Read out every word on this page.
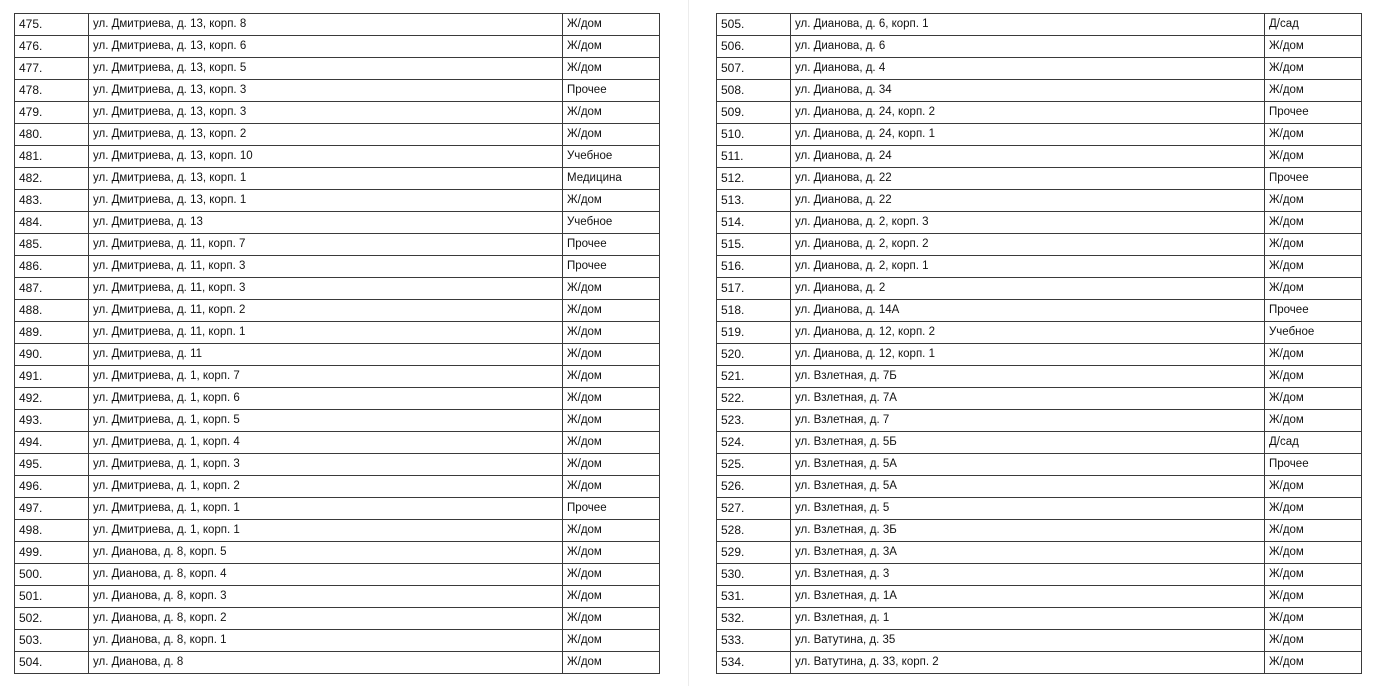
475.	ул. Дмитриева, д. 13, корп. 8	Ж/дом
476.	ул. Дмитриева, д. 13, корп. 6	Ж/дом
477.	ул. Дмитриева, д. 13, корп. 5	Ж/дом
478.	ул. Дмитриева, д. 13, корп. 3	Прочее
479.	ул. Дмитриева, д. 13, корп. 3	Ж/дом
480.	ул. Дмитриева, д. 13, корп. 2	Ж/дом
481.	ул. Дмитриева, д. 13, корп. 10	Учебное
482.	ул. Дмитриева, д. 13, корп. 1	Медицина
483.	ул. Дмитриева, д. 13, корп. 1	Ж/дом
484.	ул. Дмитриева, д. 13	Учебное
485.	ул. Дмитриева, д. 11, корп. 7	Прочее
486.	ул. Дмитриева, д. 11, корп. 3	Прочее
487.	ул. Дмитриева, д. 11, корп. 3	Ж/дом
488.	ул. Дмитриева, д. 11, корп. 2	Ж/дом
489.	ул. Дмитриева, д. 11, корп. 1	Ж/дом
490.	ул. Дмитриева, д. 11	Ж/дом
491.	ул. Дмитриева, д. 1, корп. 7	Ж/дом
492.	ул. Дмитриева, д. 1, корп. 6	Ж/дом
493.	ул. Дмитриева, д. 1, корп. 5	Ж/дом
494.	ул. Дмитриева, д. 1, корп. 4	Ж/дом
495.	ул. Дмитриева, д. 1, корп. 3	Ж/дом
496.	ул. Дмитриева, д. 1, корп. 2	Ж/дом
497.	ул. Дмитриева, д. 1, корп. 1	Прочее
498.	ул. Дмитриева, д. 1, корп. 1	Ж/дом
499.	ул. Дианова, д. 8, корп. 5	Ж/дом
500.	ул. Дианова, д. 8, корп. 4	Ж/дом
501.	ул. Дианова, д. 8, корп. 3	Ж/дом
502.	ул. Дианова, д. 8, корп. 2	Ж/дом
503.	ул. Дианова, д. 8, корп. 1	Ж/дом
504.	ул. Дианова, д. 8	Ж/дом
505.	ул. Дианова, д. 6, корп. 1	Д/сад
506.	ул. Дианова, д. 6	Ж/дом
507.	ул. Дианова, д. 4	Ж/дом
508.	ул. Дианова, д. 34	Ж/дом
509.	ул. Дианова, д. 24, корп. 2	Прочее
510.	ул. Дианова, д. 24, корп. 1	Ж/дом
511.	ул. Дианова, д. 24	Ж/дом
512.	ул. Дианова, д. 22	Прочее
513.	ул. Дианова, д. 22	Ж/дом
514.	ул. Дианова, д. 2, корп. 3	Ж/дом
515.	ул. Дианова, д. 2, корп. 2	Ж/дом
516.	ул. Дианова, д. 2, корп. 1	Ж/дом
517.	ул. Дианова, д. 2	Ж/дом
518.	ул. Дианова, д. 14А	Прочее
519.	ул. Дианова, д. 12, корп. 2	Учебное
520.	ул. Дианова, д. 12, корп. 1	Ж/дом
521.	ул. Взлетная, д. 7Б	Ж/дом
522.	ул. Взлетная, д. 7А	Ж/дом
523.	ул. Взлетная, д. 7	Ж/дом
524.	ул. Взлетная, д. 5Б	Д/сад
525.	ул. Взлетная, д. 5А	Прочее
526.	ул. Взлетная, д. 5А	Ж/дом
527.	ул. Взлетная, д. 5	Ж/дом
528.	ул. Взлетная, д. 3Б	Ж/дом
529.	ул. Взлетная, д. 3А	Ж/дом
530.	ул. Взлетная, д. 3	Ж/дом
531.	ул. Взлетная, д. 1А	Ж/дом
532.	ул. Взлетная, д. 1	Ж/дом
533.	ул. Ватутина, д. 35	Ж/дом
534.	ул. Ватутина, д. 33, корп. 2	Ж/дом
